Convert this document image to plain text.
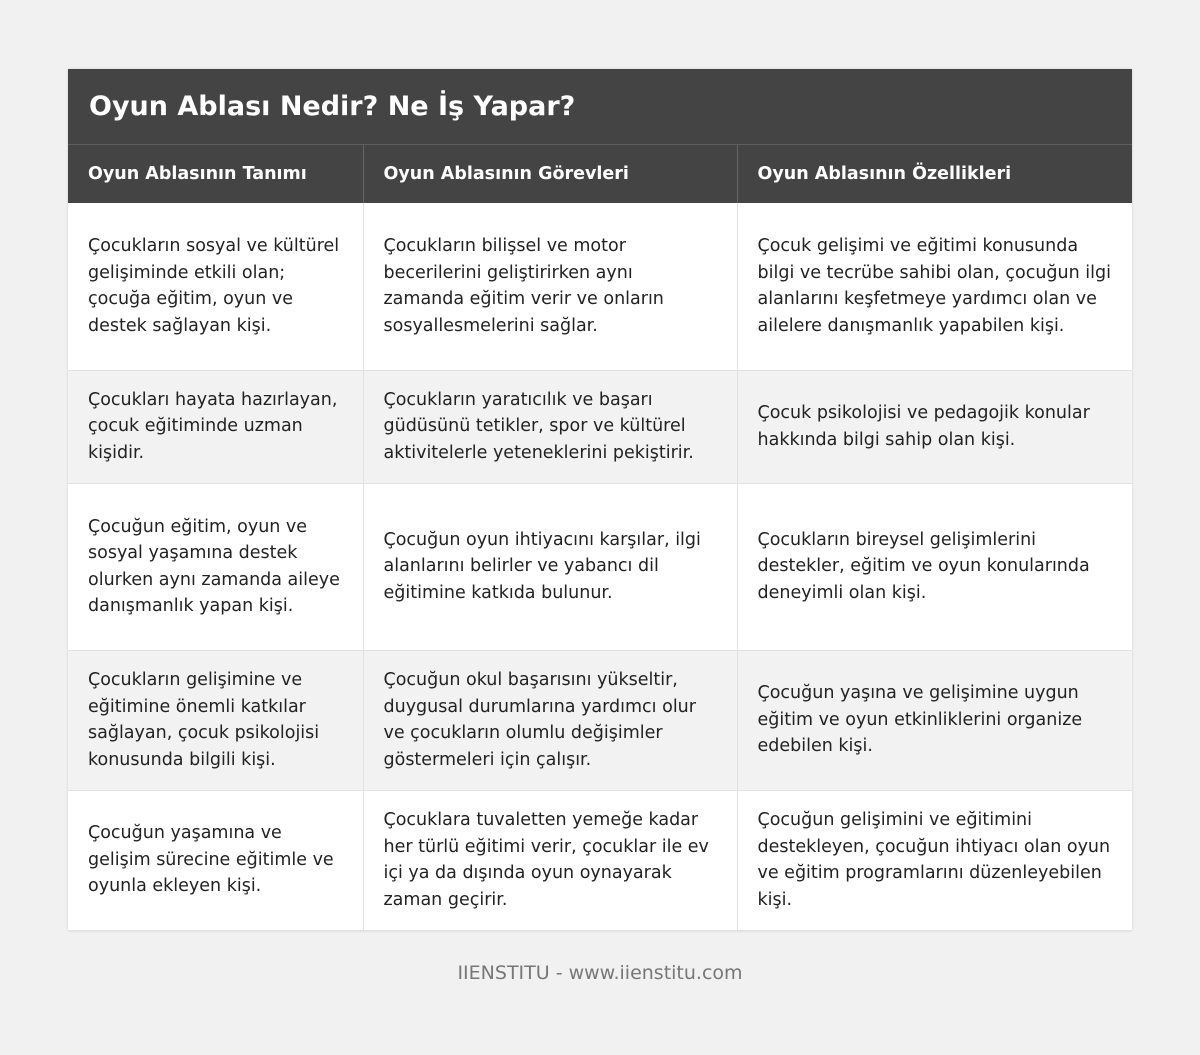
Oyun Ablası Nedir? Ne İş Yapar?
Oyun Ablasının Tanımı	Oyun Ablasının Görevleri	Oyun Ablasının Özellikleri
Çocukların sosyal ve kültürel gelişiminde etkili olan; çocuğa eğitim, oyun ve destek sağlayan kişi.	Çocukların bilişsel ve motor becerilerini geliştirirken aynı zamanda eğitim verir ve onların sosyallesmelerini sağlar.	Çocuk gelişimi ve eğitimi konusunda bilgi ve tecrübe sahibi olan, çocuğun ilgi alanlarını keşfetmeye yardımcı olan ve ailelere danışmanlık yapabilen kişi.
Çocukları hayata hazırlayan, çocuk eğitiminde uzman kişidir.	Çocukların yaratıcılık ve başarı güdüsünü tetikler, spor ve kültürel aktivitelerle yeteneklerini pekiştirir.	Çocuk psikolojisi ve pedagojik konular hakkında bilgi sahip olan kişi.
Çocuğun eğitim, oyun ve sosyal yaşamına destek olurken aynı zamanda aileye danışmanlık yapan kişi.	Çocuğun oyun ihtiyacını karşılar, ilgi alanlarını belirler ve yabancı dil eğitimine katkıda bulunur.	Çocukların bireysel gelişimlerini destekler, eğitim ve oyun konularında deneyimli olan kişi.
Çocukların gelişimine ve eğitimine önemli katkılar sağlayan, çocuk psikolojisi konusunda bilgili kişi.	Çocuğun okul başarısını yükseltir, duygusal durumlarına yardımcı olur ve çocukların olumlu değişimler göstermeleri için çalışır.	Çocuğun yaşına ve gelişimine uygun eğitim ve oyun etkinliklerini organize edebilen kişi.
Çocuğun yaşamına ve gelişim sürecine eğitimle ve oyunla ekleyen kişi.	Çocuklara tuvaletten yemeğe kadar her türlü eğitimi verir, çocuklar ile ev içi ya da dışında oyun oynayarak zaman geçirir.	Çocuğun gelişimini ve eğitimini destekleyen, çocuğun ihtiyacı olan oyun ve eğitim programlarını düzenleyebilen kişi.
IIENSTITU - www.iienstitu.com
